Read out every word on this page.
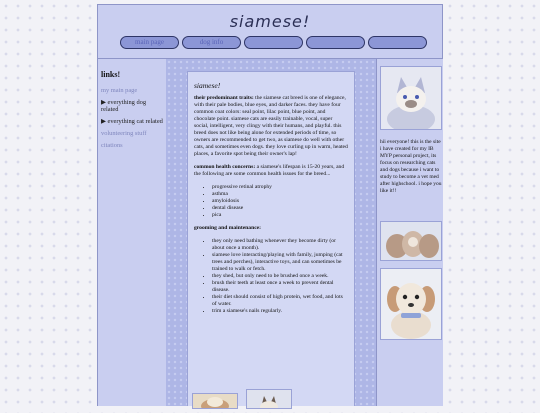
siamese!
main page	dog info
links!
my main page
▶ everything dog related
▶ everything cat related
volunteering stuff
citations
siamese!

their predominant traits: the siamese cat breed is one of elegance, with their pale bodies, blue eyes, and darker faces. they have four common coat colors: seal point, lilac point, blue point, and chocolate point. siamese cats are easily trainable, vocal, super social, intelligent, very clingy with their humans, and playful. this breed does not like being alone for extended periods of time, so owners are recommended to get two, as siamese do well with other cats, and sometimes even dogs. they love curling up in warm, heated places, a favorite spot being their owner's lap!

common health concerns: a siamese's lifespan is 15-20 years, and the following are some common health issues for the breed...

• progressive retinal atrophy
• asthma
• amyloidosis
• dental disease
• pica
grooming and maintenance:
• they only need bathing whenever they become dirty (or about once a month).
• siamese love interacting/playing with family, jumping (cat trees and perches), interactive toys, and can sometimes be trained to walk or fetch.
• they shed, but only need to be brushed once a week.
• brush their teeth at least once a week to prevent dental disease.
• their diet should consist of high protein, wet food, and lots of water.
• trim a siamese's nails regularly.
hii everyone! this is the site i have created for my IB MYP personal project, its focus on researching cats and dogs because i want to study to become a vet med after highschool. i hope you like it!!
